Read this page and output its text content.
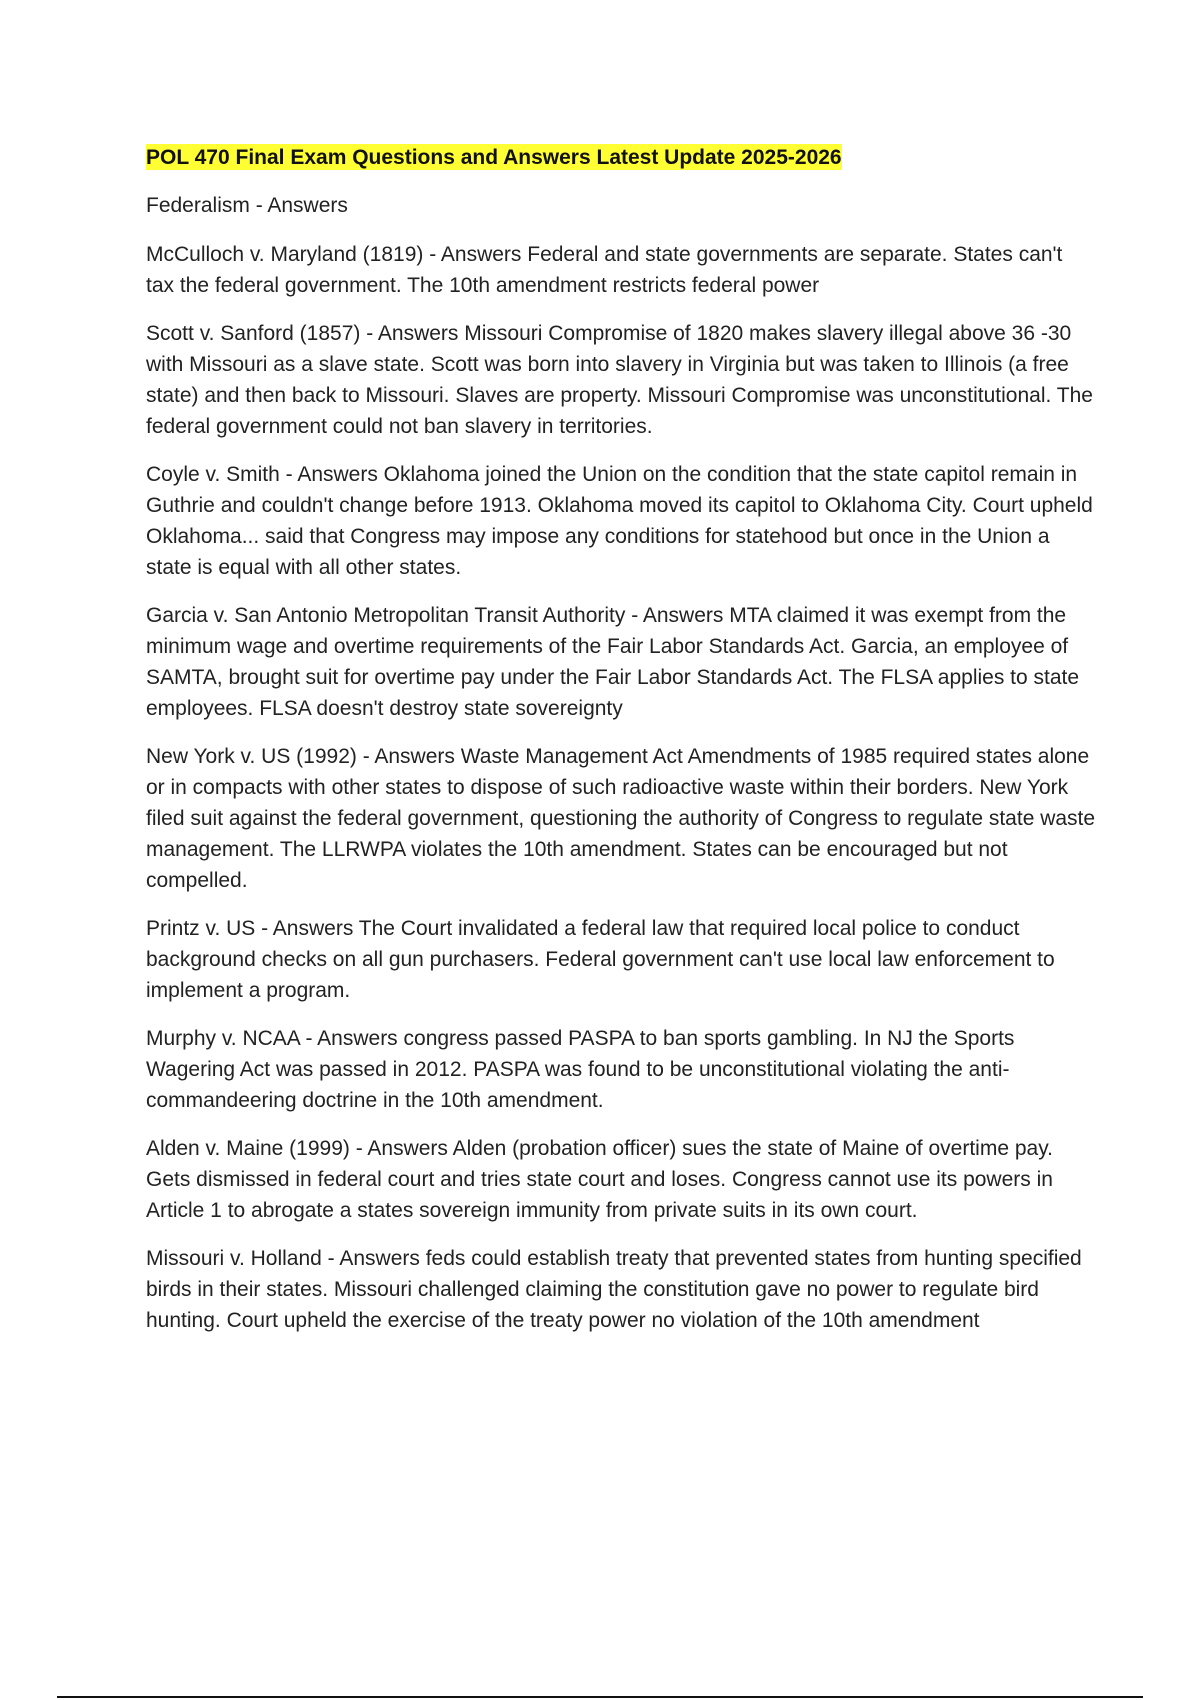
POL 470 Final Exam Questions and Answers Latest Update 2025-2026

Federalism - Answers

McCulloch v. Maryland (1819) - Answers Federal and state governments are separate. States can't tax the federal government. The 10th amendment restricts federal power
Scott v. Sanford (1857) - Answers Missouri Compromise of 1820 makes slavery illegal above 36 -30 with Missouri as a slave state. Scott was born into slavery in Virginia but was taken to Illinois (a free state) and then back to Missouri. Slaves are property. Missouri Compromise was unconstitutional. The federal government could not ban slavery in territories.
Coyle v. Smith - Answers Oklahoma joined the Union on the condition that the state capitol remain in Guthrie and couldn't change before 1913. Oklahoma moved its capitol to Oklahoma City. Court upheld Oklahoma... said that Congress may impose any conditions for statehood but once in the Union a state is equal with all other states.
Garcia v. San Antonio Metropolitan Transit Authority - Answers MTA claimed it was exempt from the minimum wage and overtime requirements of the Fair Labor Standards Act. Garcia, an employee of SAMTA, brought suit for overtime pay under the Fair Labor Standards Act. The FLSA applies to state employees. FLSA doesn't destroy state sovereignty
New York v. US (1992) - Answers Waste Management Act Amendments of 1985 required states alone or in compacts with other states to dispose of such radioactive waste within their borders. New York filed suit against the federal government, questioning the authority of Congress to regulate state waste management. The LLRWPA violates the 10th amendment. States can be encouraged but not compelled.
Printz v. US - Answers The Court invalidated a federal law that required local police to conduct background checks on all gun purchasers. Federal government can't use local law enforcement to implement a program.
Murphy v. NCAA - Answers congress passed PASPA to ban sports gambling. In NJ the Sports Wagering Act was passed in 2012. PASPA was found to be unconstitutional violating the anti-commandeering doctrine in the 10th amendment.
Alden v. Maine (1999) - Answers Alden (probation officer) sues the state of Maine of overtime pay. Gets dismissed in federal court and tries state court and loses. Congress cannot use its powers in Article 1 to abrogate a states sovereign immunity from private suits in its own court.
Missouri v. Holland - Answers feds could establish treaty that prevented states from hunting specified birds in their states. Missouri challenged claiming the constitution gave no power to regulate bird hunting. Court upheld the exercise of the treaty power no violation of the 10th amendment
